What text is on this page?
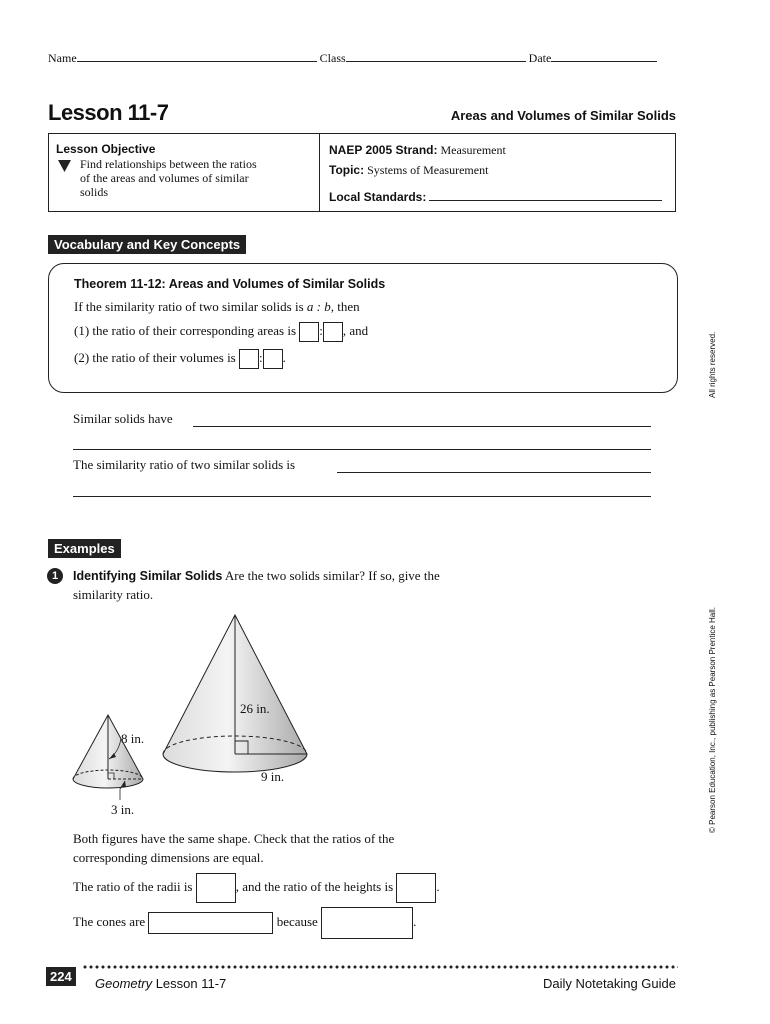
Name	Class	Date
Lesson 11-7	Areas and Volumes of Similar Solids
Lesson Objective
Find relationships between the ratios
of the areas and volumes of similar
solids
NAEP 2005 Strand: Measurement
Topic: Systems of Measurement
Local Standards:
Vocabulary and Key Concepts
Theorem 11-12: Areas and Volumes of Similar Solids
If the similarity ratio of two similar solids is a : b, then
(1) the ratio of their corresponding areas is : , and
(2) the ratio of their volumes is : .
Similar solids have
The similarity ratio of two similar solids is
All rights reserved.
© Pearson Education, Inc., publishing as Pearson Prentice Hall.
Examples
1	Identifying Similar Solids Are the two solids similar? If so, give the
similarity ratio.
8 in.
3 in.
26 in.
9 in.
Both figures have the same shape. Check that the ratios of the
corresponding dimensions are equal.
The ratio of the radii is	, and the ratio of the heights is	.
The cones are	because	.
224	Geometry Lesson 11-7	Daily Notetaking Guide
